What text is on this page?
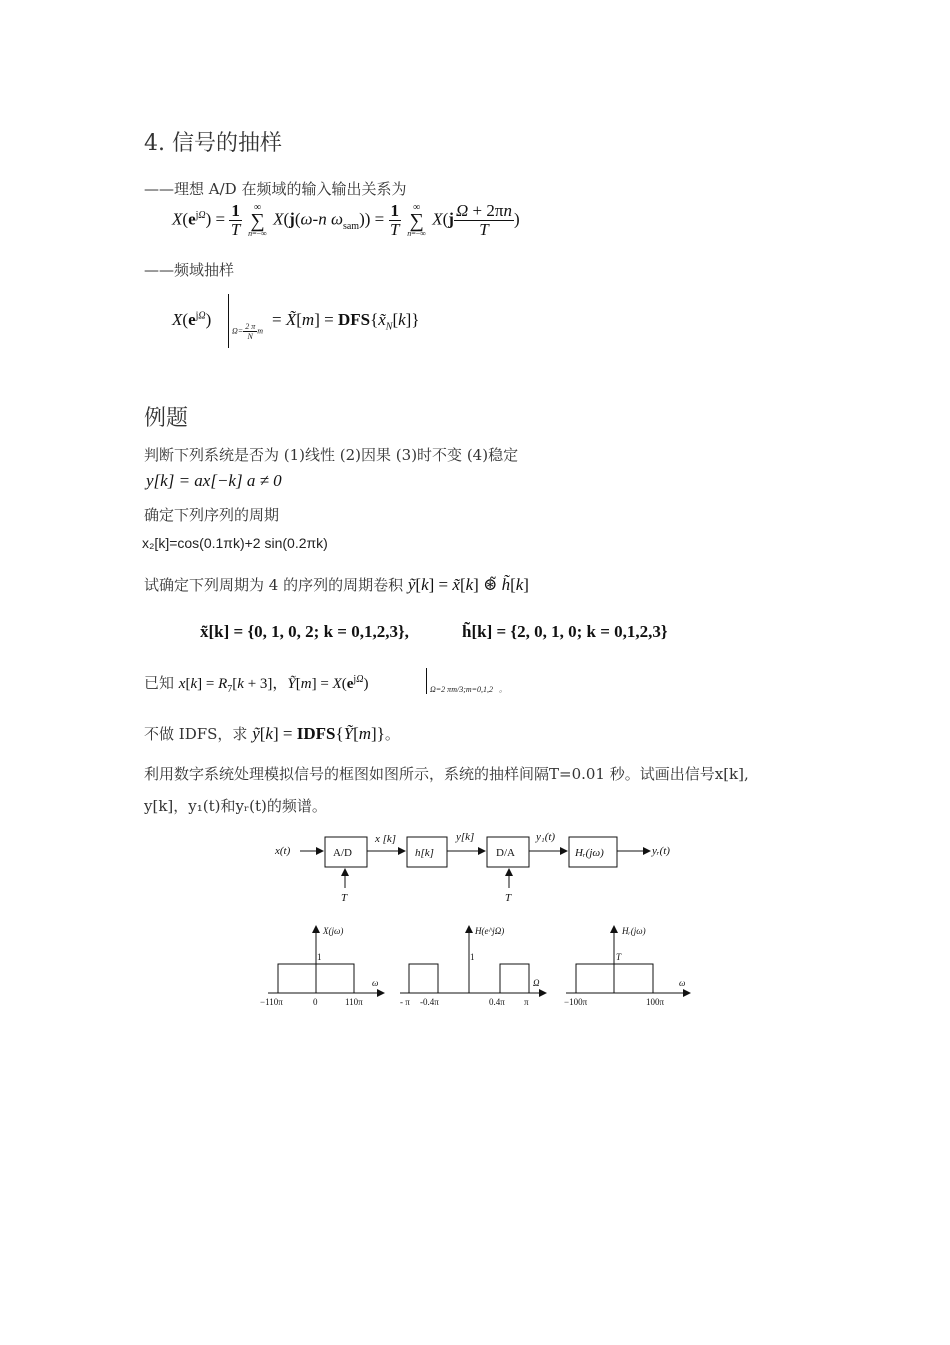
4. 信号的抽样
——理想 A/D 在频域的输入输出关系为
$X(e^{j\Omega}) = \frac{1}{T}$
	∞
∑
n=−∞
X(j(ω-n $\omega_{sam})) = \frac{1}{T}$
	∞
∑
n=−∞
$X(j \frac{\Omega + 2\pi n}{T}$ )
——频域抽样
$X(e^{j\Omega})$
$\Omega= \frac{2 \pi}{N}$ m
= X̃[m] = $DFS\{x̃_N[k]\}$
例题
判断下列系统是否为 (1)线性 (2)因果 (3)时不变 (4)稳定
y[k] = ax[−k] a ≠ 0
确定下列序列的周期
x₂[k]=cos(0.1πk)+2 sin(0.2πk)
试确定下列周期为 4 的序列的周期卷积 ỹ[k] = x̃[k] ⊛̃ h̃[k]
x̃[k] = {0, 1, 0, 2; k = 0,1,2,3},	h̃[k] = {2, 0, 1, 0; k = 0,1,2,3}
已知 $x[k] = R_7[k + 3]$，Ỹ[m] = $X(e^{j\Omega})$	Ω=2 πm/3;m=0,1,2   。
不做 IDFS，求 ỹ[k] = IDFS{Ỹ[m]}。
利用数字系统处理模拟信号的框图如图所示，系统的抽样间隔T=0.01 秒。试画出信号x[k],
y[k]，y₁(t)和yᵣ(t)的频谱。
x(t)	A/D
x [k]
h[k]
y[k]
D/A
y₁(t)
Hᵣ(jω)	yᵣ(t)
T	T
X(jω)
1
−110π	0	110π
ω
H(e^jΩ)
1
- π -0.4π	0.4π π
Ω
Hᵣ(jω)
T
−100π	100π
ω
